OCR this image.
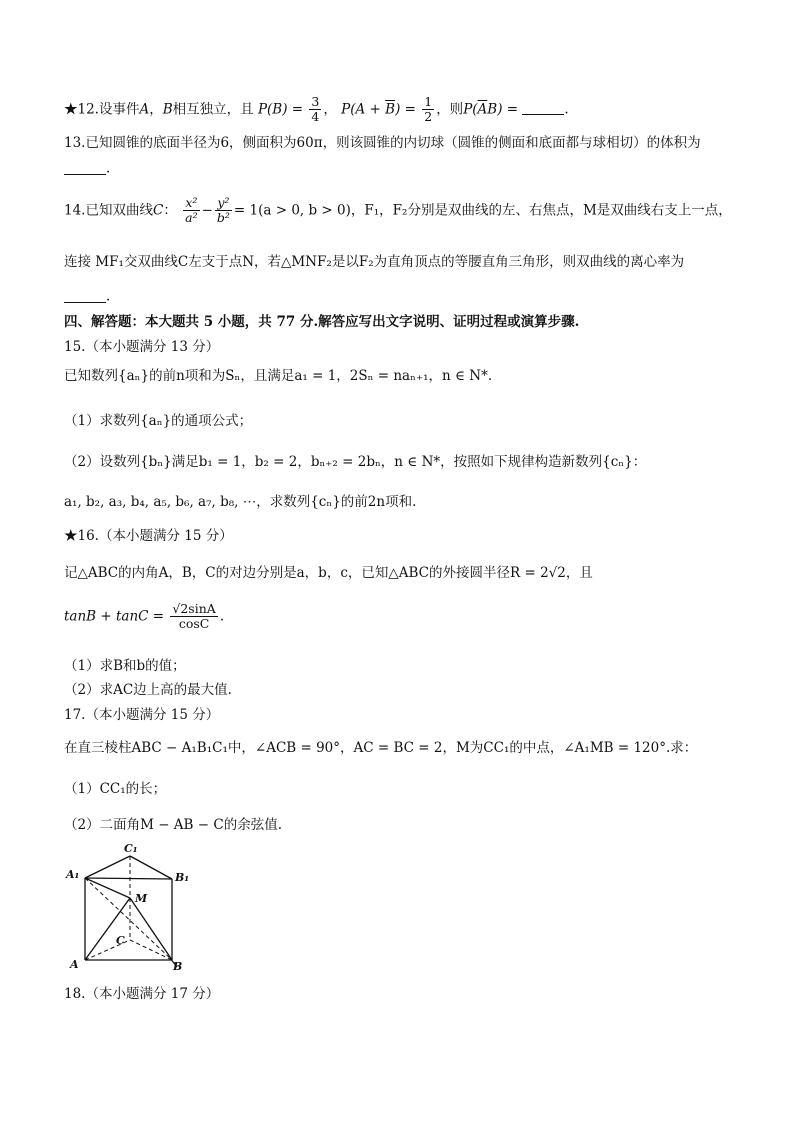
★12.设事件A，B相互独立，且 $P(B) = \frac{3}{4}$ ， $P(A + \overline{B}) = \frac{1}{2}$ ，则$P(\overline{A}B)$ =	.
13.已知圆锥的底面半径为6，侧面积为60π，则该圆锥的内切球（圆锥的侧面和底面都与球相切）的体积为
.
14.已知双曲线C： $\frac{\text{x²}}{\text{a²}} - \frac{\text{y²}}{\text{b²}} = 1(a > 0$, b > 0)，F₁，F₂分别是双曲线的左、右焦点，M是双曲线右支上一点，
连接 MF₁交双曲线C左支于点N，若△MNF₂是以F₂为直角顶点的等腰直角三角形，则双曲线的离心率为
.
四、解答题：本大题共 5 小题，共 77 分.解答应写出文字说明、证明过程或演算步骤.
15.（本小题满分 13 分）
已知数列{aₙ}的前n项和为Sₙ，且满足a₁ = 1，2Sₙ = naₙ₊₁，n ∈ N*.
（1）求数列{aₙ}的通项公式；
（2）设数列{bₙ}满足b₁ = 1，b₂ = 2，bₙ₊₂ = 2bₙ，n ∈ N*，按照如下规律构造新数列{cₙ}：
a₁, b₂, a₃, b₄, a₅, b₆, a₇, b₈, ⋯，求数列{cₙ}的前2n项和.
★16.（本小题满分 15 分）
记△ABC的内角A，B，C的对边分别是a，b，c，已知△ABC的外接圆半径R = 2√2，且
$\tan B + \tan C = \frac{√2\sin A}{\cos C}$ .
（1）求B和b的值；
（2）求AC边上高的最大值.
17.（本小题满分 15 分）
在直三棱柱ABC − A₁B₁C₁中，∠ACB = 90°，AC = BC = 2，M为CC₁的中点，∠A₁MB = 120°.求：
（1）CC₁的长；
（2）二面角M − AB − C的余弦值.
C₁
A₁	B₁
M
C
A	B
18.（本小题满分 17 分）
